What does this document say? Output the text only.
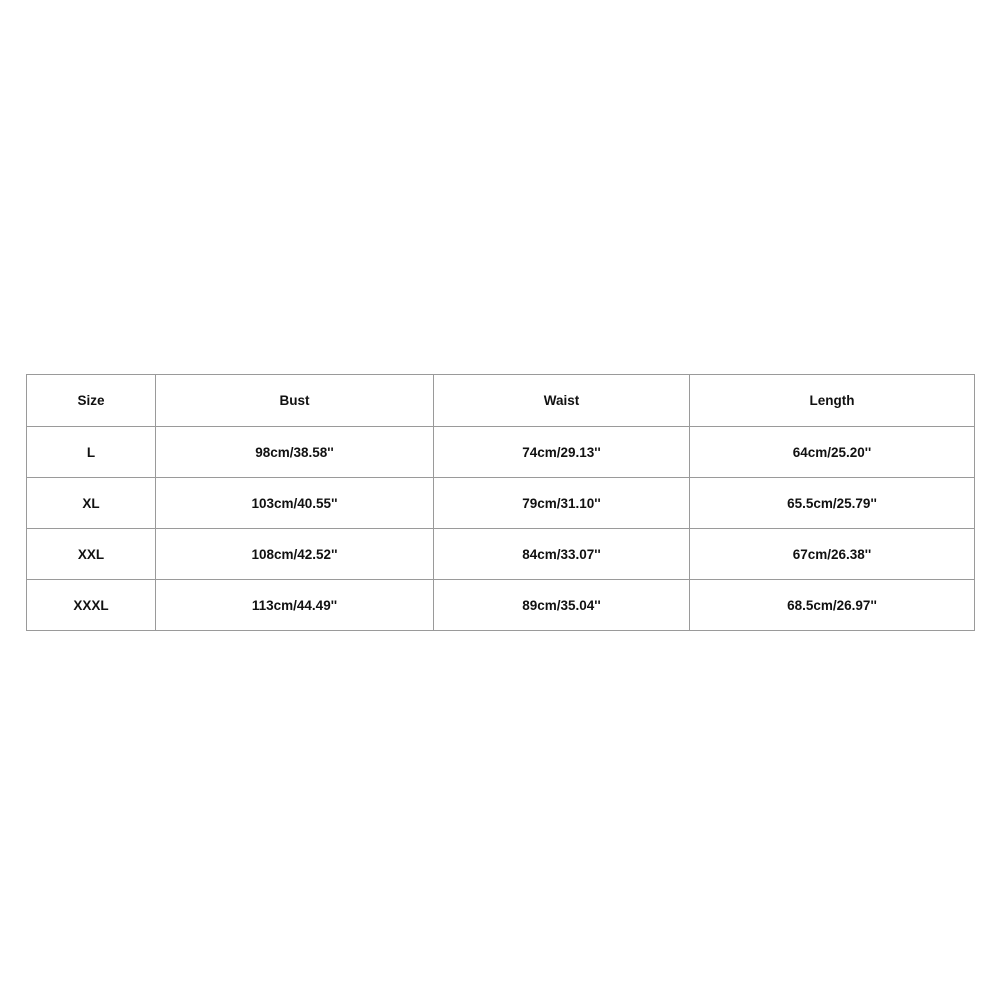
Size	Bust	Waist	Length
L	98cm/38.58''	74cm/29.13''	64cm/25.20''
XL	103cm/40.55''	79cm/31.10''	65.5cm/25.79''
XXL	108cm/42.52''	84cm/33.07''	67cm/26.38''
XXXL	113cm/44.49''	89cm/35.04''	68.5cm/26.97''
